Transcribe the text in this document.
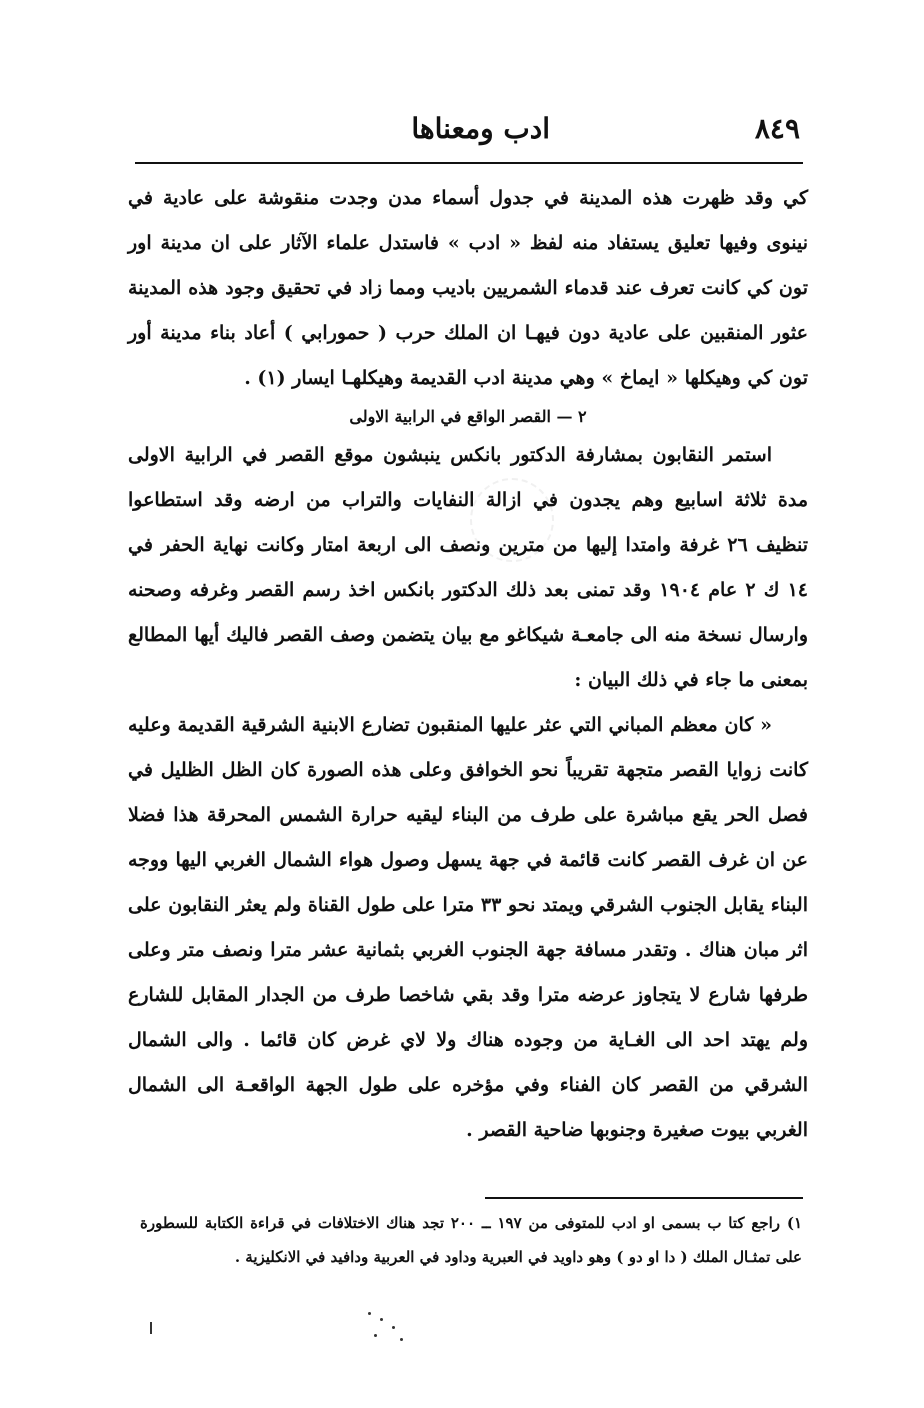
٨٤٩
ادب ومعناها

كي وقد ظهرت هذه المدينة في جدول أسماء مدن وجدت منقوشة على عادية في نينوى وفيها تعليق يستفاد منه لفظ « ادب » فاستدل علماء الآثار على ان مدينة اور تون كي كانت تعرف عند قدماء الشمريين باديب ومما زاد في تحقيق وجود هذه المدينة عثور المنقبين على عادية دون فيهـا ان الملك حرب ( حمورابي ) أعاد بناء مدينة أور تون كي وهيكلها « ايماخ » وهي مدينة ادب القديمة وهيكلهـا ايسار (١) .

٢ — القصر الواقع في الرابية الاولى

استمر النقابون بمشارفة الدكتور بانكس ينبشون موقع القصر في الرابية الاولى مدة ثلاثة اسابيع وهم يجدون في ازالة النفايات والتراب من ارضه وقد استطاعوا تنظيف ٢٦ غرفة وامتدا إليها من مترين ونصف الى اربعة امتار وكانت نهاية الحفر في ١٤ ك ٢ عام ١٩٠٤ وقد تمنى بعد ذلك الدكتور بانكس اخذ رسم القصر وغرفه وصحنه وارسال نسخة منه الى جامعـة شيكاغو مع بيان يتضمن وصف القصر فاليك أيها المطالع بمعنى ما جاء في ذلك البيان :

« كان معظم المباني التي عثر عليها المنقبون تضارع الابنية الشرقية القديمة وعليه كانت زوايا القصر متجهة تقريباً نحو الخوافق وعلى هذه الصورة كان الظل الظليل في فصل الحر يقع مباشرة على طرف من البناء ليقيه حرارة الشمس المحرقة هذا فضلا عن ان غرف القصر كانت قائمة في جهة يسهل وصول هواء الشمال الغربي اليها ووجه البناء يقابل الجنوب الشرقي ويمتد نحو ٣٣ مترا على طول القناة ولم يعثر النقابون على اثر مبان هناك . وتقدر مسافة جهة الجنوب الغربي بثمانية عشر مترا ونصف متر وعلى طرفها شارع لا يتجاوز عرضه مترا وقد بقي شاخصا طرف من الجدار المقابل للشارع ولم يهتد احد الى الغـاية من وجوده هناك ولا لاي غرض كان قائما . والى الشمال الشرقي من القصر كان الفناء وفي مؤخره على طول الجهة الواقعـة الى الشمال الغربي بيوت صغيرة وجنوبها ضاحية القصر .

١) راجع كتا ب بسمى او ادب للمتوفى من ١٩٧ ــ ٢٠٠ تجد هناك الاختلافات في قراءة الكتابة للسطورة على تمثـال الملك ( دا او دو ) وهو داويد في العبرية وداود في العربية ودافيد في الانكليزية .
